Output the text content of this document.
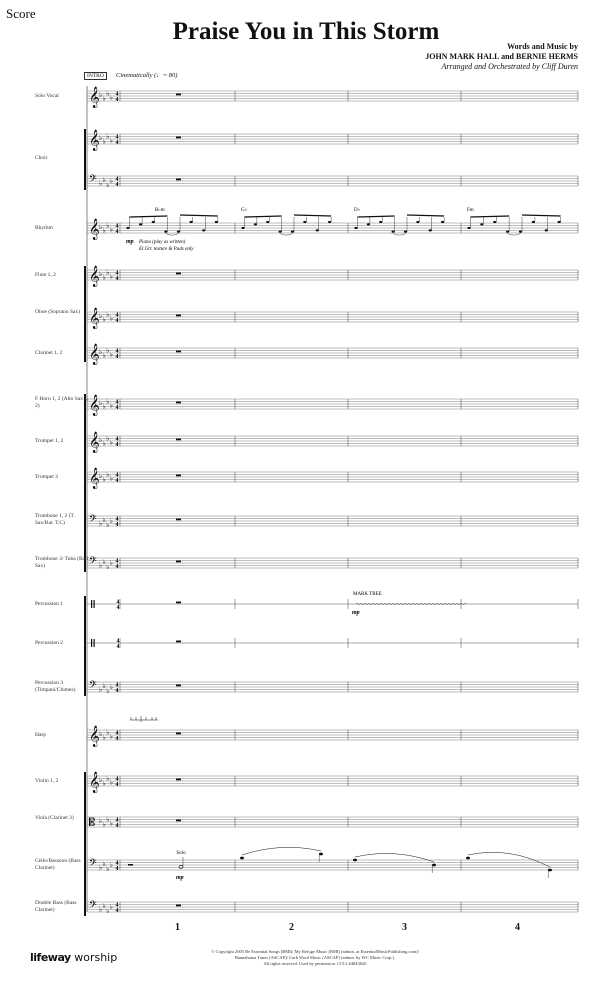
Score
Praise You in This Storm
Words and Music by
JOHN MARK HALL and BERNIE HERMS
Arranged and Orchestrated by Cliff Duren
INTRO	Cinematically (♩= 80)
𝄞 ♭ ♭
♭ ♭ 4
4
𝄞 ♭ ♭
♭ ♭ 4
4
𝄢 ♭ ♭
♭ ♭ 4
4
𝄞 ♭ ♭
♭ ♭ 4
4
𝄞 ♭ ♭
♭ ♭ 4
4
𝄞 ♭ ♭
♭ ♭ 4
4
𝄞 ♭ ♭
♭ ♭ 4
4
𝄞 ♭ ♭
♭ ♭ 4
4
𝄞 ♭ ♭
♭ ♭ 4
4
𝄞 ♭ ♭
♭ ♭ 4
4
𝄢 ♭ ♭
♭ ♭ 4
4
𝄢 ♭ ♭
♭ ♭ 4
4
4
4
4
4
𝄢 ♭ ♭
♭ ♭ 4
4
𝄞 ♭ ♭
♭ ♭ 4
4
𝄞 ♭ ♭
♭ ♭ 4
4
𝄡 ♭ ♭
♭ ♭ 4
4
𝄢 ♭ ♭
♭ ♭ 4
4
𝄢 ♭ ♭
♭ ♭ 4
4
B♭m	G♭	D♭	Fm
mp Piano (play as written)
El.Gtr. texture & Pads only
MARK TREE
mp
Solo
mp
Solo Vocal
Choir
Rhythm
Flute 1, 2
Oboe (Soprano Sax)
Clarinet 1, 2
F Horn 1, 2 (Alto Sax 1, 2)
Trumpet 1, 2
Trumpet 3
Trombone 1, 2 (T. Sax/Bar. T.C)
Trombone 3/ Tuba (Bari. Sax)
Percussion 1
Percussion 2
Percussion 3 (Timpani/Chimes)
Harp
Violin 1, 2
Viola (Clarinet 3)
Cello/Bassoon (Bass Clarinet)
Double Bass (Bass Clarinet)
1	2	3	4
lifeway worship	© Copyright 2005 Be Essential Songs (BMI)/ My Refuge Music (BMI) (admin. at EssentialMusicPublishing.com)/
Bannahama Tunes (ASCAP)/ Curb Word Music (ASCAP) (admin. by WC Music Corp.).
All rights reserved. Used by permission. CCLI #4843620
